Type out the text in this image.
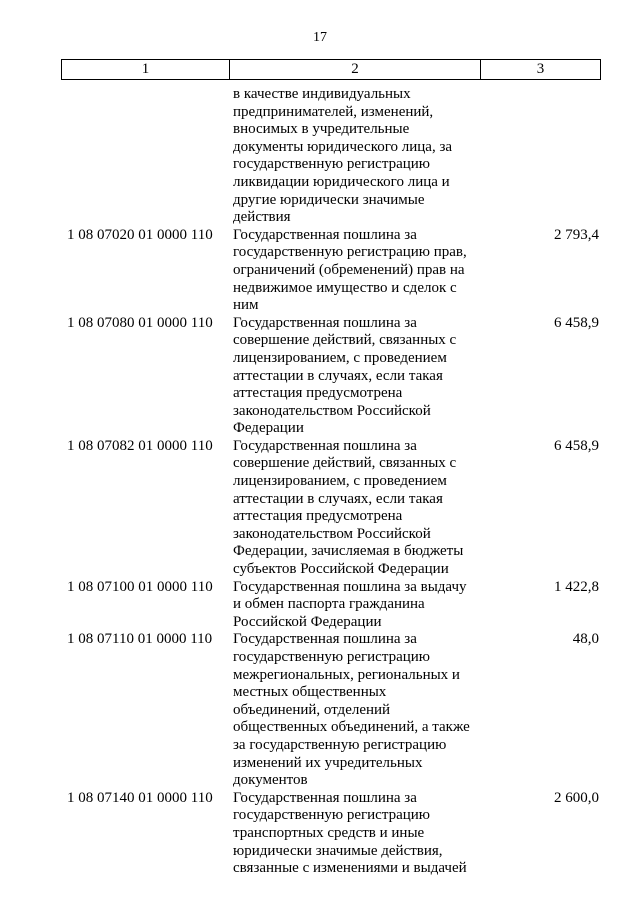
17
1	2	3
в качестве индивидуальных
предпринимателей, изменений,
вносимых в учредительные
документы юридического лица, за
государственную регистрацию
ликвидации юридического лица и
другие юридически значимые
действия
1 08 07020 01 0000 110	Государственная пошлина за
государственную регистрацию прав,
ограничений (обременений) прав на
недвижимое имущество и сделок с
ним
2 793,4
1 08 07080 01 0000 110	Государственная пошлина за
совершение действий, связанных с
лицензированием, с проведением
аттестации в случаях, если такая
аттестация предусмотрена
законодательством Российской
Федерации
6 458,9
1 08 07082 01 0000 110	Государственная пошлина за
совершение действий, связанных с
лицензированием, с проведением
аттестации в случаях, если такая
аттестация предусмотрена
законодательством Российской
Федерации, зачисляемая в бюджеты
субъектов Российской Федерации
6 458,9
1 08 07100 01 0000 110	Государственная пошлина за выдачу
и обмен паспорта гражданина
Российской Федерации
1 422,8
1 08 07110 01 0000 110	Государственная пошлина за
государственную регистрацию
межрегиональных, региональных и
местных общественных
объединений, отделений
общественных объединений, а также
за государственную регистрацию
изменений их учредительных
документов
48,0
1 08 07140 01 0000 110	Государственная пошлина за
государственную регистрацию
транспортных средств и иные
юридически значимые действия,
связанные с изменениями и выдачей
2 600,0
